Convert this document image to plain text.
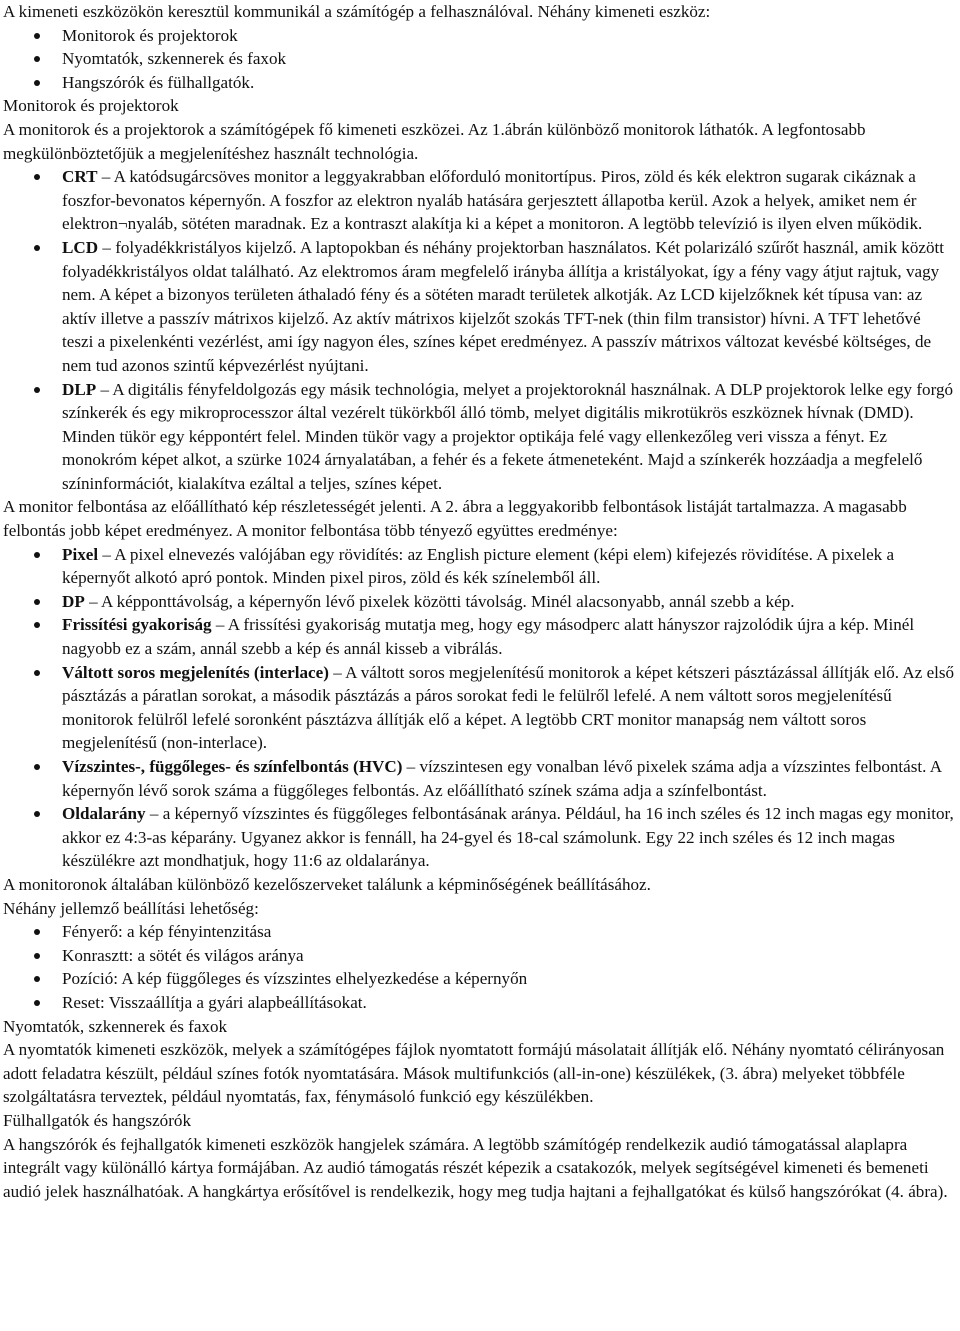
A kimeneti eszközökön keresztül kommunikál a számítógép a felhasználóval. Néhány kimeneti eszköz:

Monitorok és projektorok
Nyomtatók, szkennerek és faxok
Hangszórók és fülhallgatók.

Monitorok és projektorok

A monitorok és a projektorok a számítógépek fő kimeneti eszközei. Az 1.ábrán különböző monitorok láthatók. A legfontosabb megkülönböztetőjük a megjelenítéshez használt technológia.

CRT – A katódsugárcsöves monitor a leggyakrabban előforduló monitortípus. Piros, zöld és kék elektron sugarak cikáznak a foszfor-bevonatos képernyőn. A foszfor az elektron nyaláb hatására gerjesztett állapotba kerül. Azok a helyek, amiket nem ér elektron¬nyaláb, sötéten maradnak. Ez a kontraszt alakítja ki a képet a monitoron. A legtöbb televízió is ilyen elven működik.
LCD – folyadékkristályos kijelző. A laptopokban és néhány projektorban használatos. Két polarizáló szűrőt használ, amik között folyadékkristályos oldat található. Az elektromos áram megfelelő irányba állítja a kristályokat, így a fény vagy átjut rajtuk, vagy nem. A képet a bizonyos területen áthaladó fény és a sötéten maradt területek alkotják. Az LCD kijelzőknek két típusa van: az aktív illetve a passzív mátrixos kijelző. Az aktív mátrixos kijelzőt szokás TFT-nek (thin film transistor) hívni. A TFT lehetővé teszi a pixelenkénti vezérlést, ami így nagyon éles, színes képet eredményez. A passzív mátrixos változat kevésbé költséges, de nem tud azonos szintű képvezérlést nyújtani.
DLP – A digitális fényfeldolgozás egy másik technológia, melyet a projektoroknál használnak. A DLP projektorok lelke egy forgó színkerék és egy mikroprocesszor által vezérelt tükörkből álló tömb, melyet digitális mikrotükrös eszköznek hívnak (DMD). Minden tükör egy képpontért felel. Minden tükör vagy a projektor optikája felé vagy ellenkezőleg veri vissza a fényt. Ez monokróm képet alkot, a szürke 1024 árnyalatában, a fehér és a fekete átmeneteként. Majd a színkerék hozzáadja a megfelelő színinformációt, kialakítva ezáltal a teljes, színes képet.

A monitor felbontása az előállítható kép részletességét jelenti. A 2. ábra a leggyakoribb felbontások listáját tartalmazza. A magasabb felbontás jobb képet eredményez. A monitor felbontása több tényező együttes eredménye:

Pixel – A pixel elnevezés valójában egy rövidítés: az English picture element (képi elem) kifejezés rövidítése. A pixelek a képernyőt alkotó apró pontok. Minden pixel piros, zöld és kék színelemből áll.
DP – A képponttávolság, a képernyőn lévő pixelek közötti távolság. Minél alacsonyabb, annál szebb a kép.
Frissítési gyakoriság – A frissítési gyakoriság mutatja meg, hogy egy másodperc alatt hányszor rajzolódik újra a kép. Minél nagyobb ez a szám, annál szebb a kép és annál kisseb a vibrálás.
Váltott soros megjelenítés (interlace) – A váltott soros megjelenítésű monitorok a képet kétszeri pásztázással állítják elő. Az első pásztázás a páratlan sorokat, a második pásztázás a páros sorokat fedi le felülről lefelé. A nem váltott soros megjelenítésű monitorok felülről lefelé soronként pásztázva állítják elő a képet. A legtöbb CRT monitor manapság nem váltott soros megjelenítésű (non-interlace).
Vízszintes-, függőleges- és színfelbontás (HVC) – vízszintesen egy vonalban lévő pixelek száma adja a vízszintes felbontást. A képernyőn lévő sorok száma a függőleges felbontás. Az előállítható színek száma adja a színfelbontást.
Oldalarány – a képernyő vízszintes és függőleges felbontásának aránya. Például, ha 16 inch széles és 12 inch magas egy monitor, akkor ez 4:3-as képarány. Ugyanez akkor is fennáll, ha 24-gyel és 18-cal számolunk. Egy 22 inch széles és 12 inch magas készülékre azt mondhatjuk, hogy 11:6 az oldalaránya.

A monitoronok általában különböző kezelőszerveket találunk a képminőségének beállításához.

Néhány jellemző beállítási lehetőség:

Fényerő: a kép fényintenzitása
Konrasztt: a sötét és világos aránya
Pozíció: A kép függőleges és vízszintes elhelyezkedése a képernyőn
Reset: Visszaállítja a gyári alapbeállításokat.

Nyomtatók, szkennerek és faxok

A nyomtatók kimeneti eszközök, melyek a számítógépes fájlok nyomtatott formájú másolatait állítják elő. Néhány nyomtató célirányosan adott feladatra készült, például színes fotók nyomtatására. Mások multifunkciós (all-in-one) készülékek, (3. ábra) melyeket többféle szolgáltatásra terveztek, például nyomtatás, fax, fénymásoló funkció egy készülékben.

Fülhallgatók és hangszórók

A hangszórók és fejhallgatók kimeneti eszközök hangjelek számára. A legtöbb számítógép rendelkezik audió támogatással alaplapra integrált vagy különálló kártya formájában. Az audió támogatás részét képezik a csatakozók, melyek segítségével kimeneti és bemeneti audió jelek használhatóak. A hangkártya erősítővel is rendelkezik, hogy meg tudja hajtani a fejhallgatókat és külső hangszórókat (4. ábra).
